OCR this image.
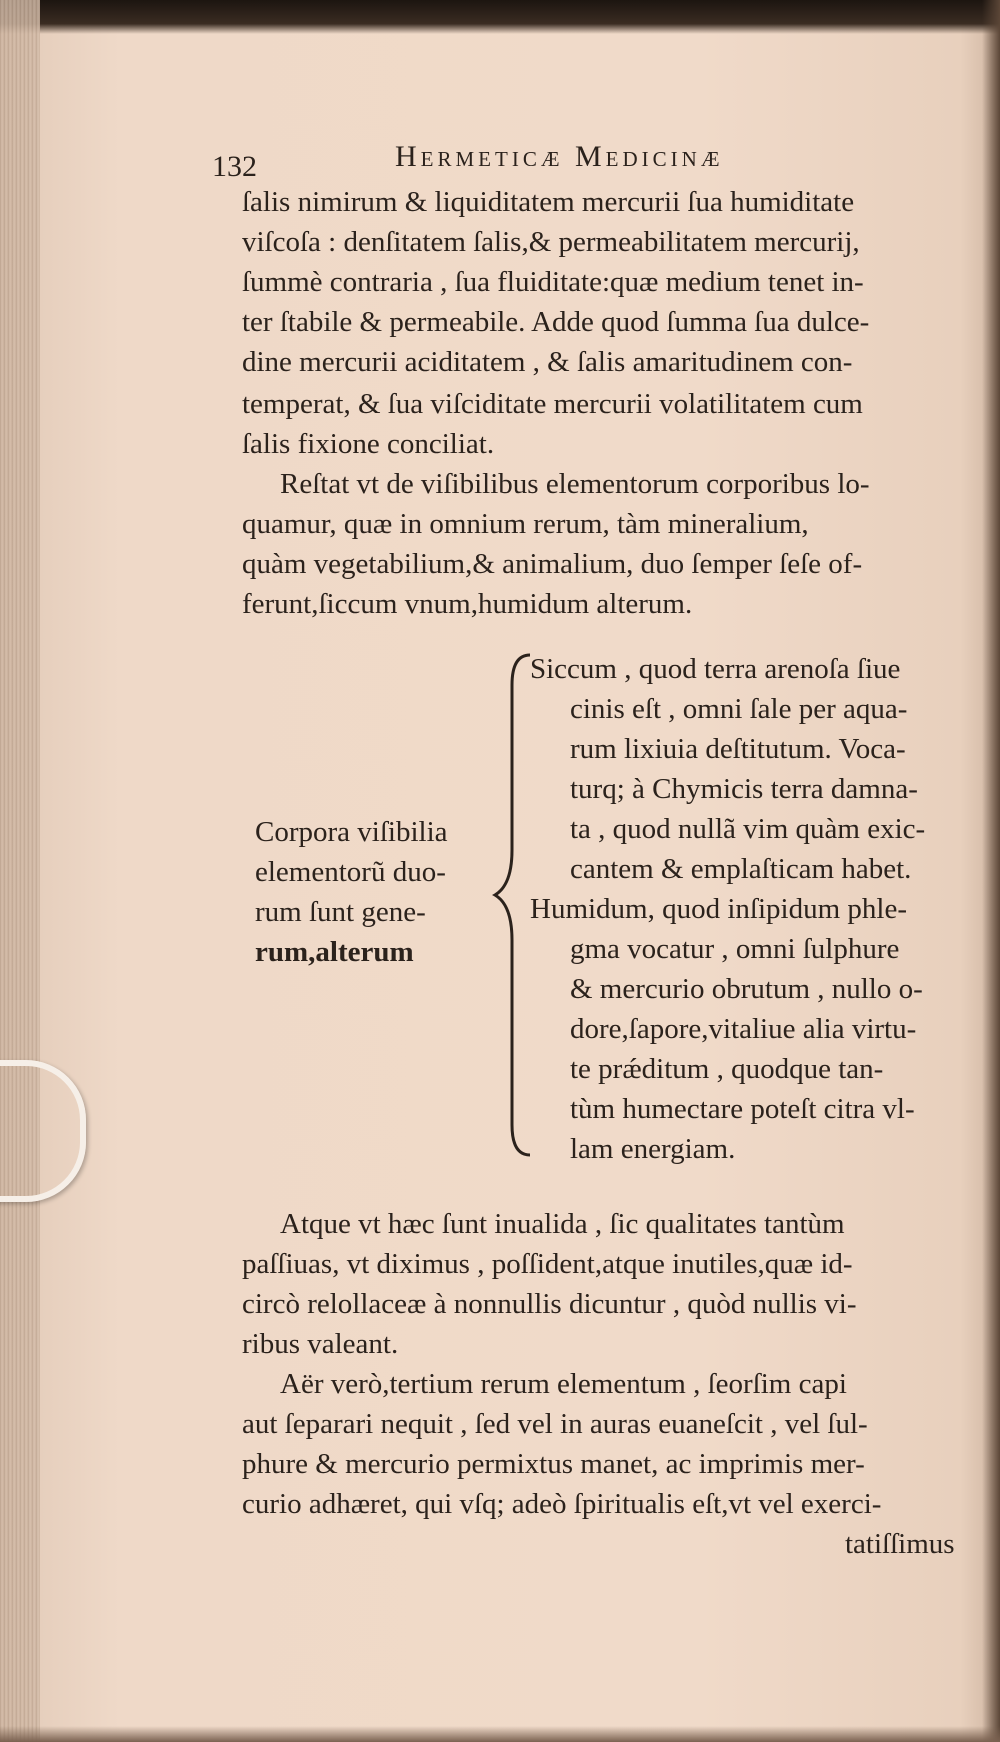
132	Hermeticæ Medicinæ
ſalis nimirum & liquiditatem mercurii ſua humiditate
viſcoſa : denſitatem ſalis,& permeabilitatem mercurij,
ſummè contraria , ſua fluiditate:quæ medium tenet in-
ter ſtabile & permeabile. Adde quod ſumma ſua dulce-
dine mercurii aciditatem , & ſalis amaritudinem con-
temperat, & ſua viſciditate mercurii volatilitatem cum
ſalis fixione conciliat.
Reſtat vt de viſibilibus elementorum corporibus lo-
quamur, quæ in omnium rerum, tàm mineralium,
quàm vegetabilium,& animalium, duo ſemper ſeſe of-
ferunt,ſiccum vnum,humidum alterum.
Corpora viſibilia
elementorũ duo-
rum ſunt gene-
rum,alterum
Siccum , quod terra arenoſa ſiue
cinis eſt , omni ſale per aqua-
rum lixiuia deſtitutum. Voca-
turq; à Chymicis terra damna-
ta , quod nullã vim quàm exic-
cantem & emplaſticam habet.
Humidum, quod inſipidum phle-
gma vocatur , omni ſulphure
& mercurio obrutum , nullo o-
dore,ſapore,vitaliue alia virtu-
te prǽditum , quodque tan-
tùm humectare poteſt citra vl-
lam energiam.
Atque vt hæc ſunt inualida , ſic qualitates tantùm
paſſiuas, vt diximus , poſſident,atque inutiles,quæ id-
circò relollaceæ à nonnullis dicuntur , quòd nullis vi-
ribus valeant.
Aër verò,tertium rerum elementum , ſeorſim capi
aut ſeparari nequit , ſed vel in auras euaneſcit , vel ſul-
phure & mercurio permixtus manet, ac imprimis mer-
curio adhæret, qui vſq; adeò ſpiritualis eſt,vt vel exerci-
tatiſſimus
